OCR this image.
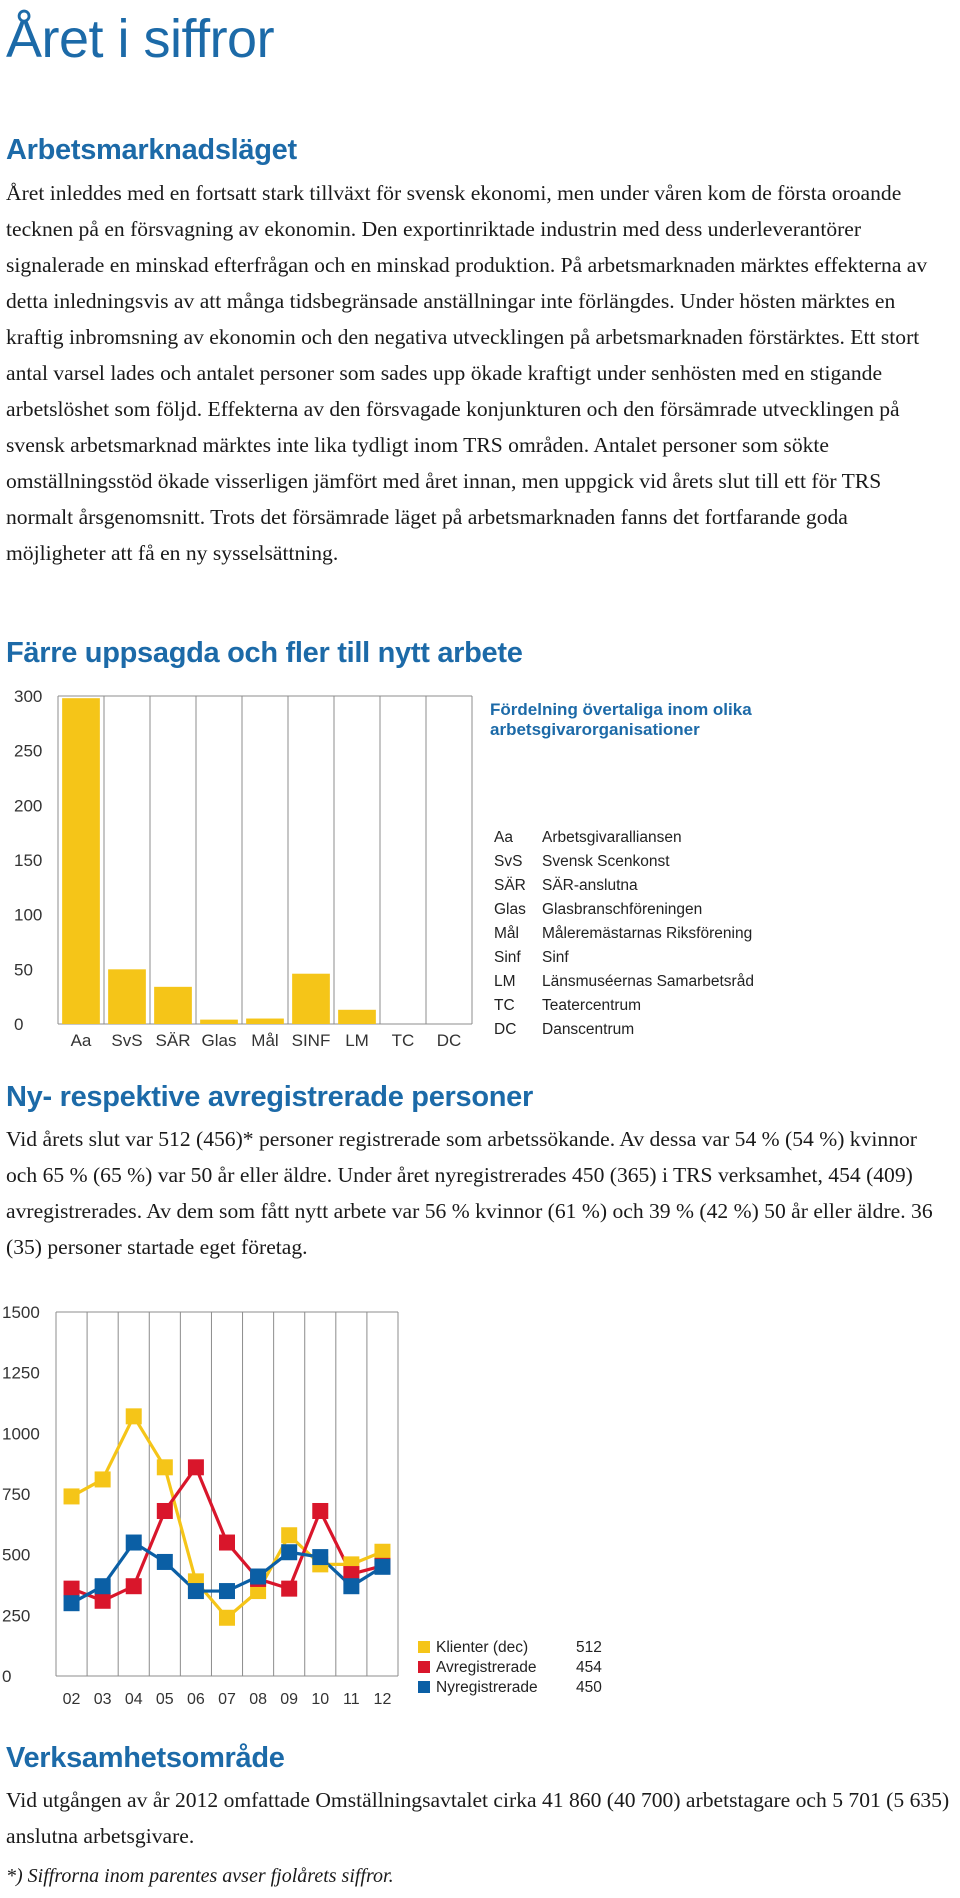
Året i siffror
Arbetsmarknadsläget

Året inleddes med en fortsatt stark tillväxt för svensk ekonomi, men under våren kom de första oroande tecknen på en försvagning av ekonomin. Den exportinriktade industrin med dess underleverantörer signalerade en minskad efterfrågan och en minskad produktion. På arbetsmarknaden märktes effekterna av detta inledningsvis av att många tidsbegränsade anställningar inte förlängdes. Under hösten märktes en kraftig inbromsning av ekonomin och den negativa utvecklingen på arbetsmarknaden förstärktes. Ett stort antal varsel lades och antalet personer som sades upp ökade kraftigt under senhösten med en stigande arbetslöshet som följd. Effekterna av den försvagade konjunkturen och den försämrade utvecklingen på svensk arbetsmarknad märktes inte lika tydligt inom TRS områden. Antalet personer som sökte omställningsstöd ökade visserligen jämfört med året innan, men uppgick vid årets slut till ett för TRS normalt årsgenomsnitt. Trots det försämrade läget på arbetsmarknaden fanns det fortfarande goda möjligheter att få en ny sysselsättning.

Färre uppsagda och fler till nytt arbete
0
50
100
150
200
250
300
Aa SvS SÄR Glas Mål SINF LM TC DC

Fördelning övertaliga inom olika arbetsgivarorganisationer

Aa Arbetsgivaralliansen
SvS Svensk Scenkonst
SÄR SÄR-anslutna
Glas Glasbranschföreningen
Mål Måleremästarnas Riksförening
Sinf Sinf
LM Länsmuséernas Samarbetsråd
TC Teatercentrum
DC Danscentrum
Ny- respektive avregistrerade personer

Vid årets slut var 512 (456)* personer registrerade som arbetssökande. Av dessa var 54 % (54 %) kvinnor och 65 % (65 %) var 50 år eller äldre. Under året nyregistrerades 450 (365) i TRS verksamhet, 454 (409) avregistrerades. Av dem som fått nytt arbete var 56 % kvinnor (61 %) och 39 % (42 %) 50 år eller äldre. 36 (35) personer startade eget företag.

0
250
500
750
1000
1250
1500
02 03 04 05 06 07 08 09 10 11 12
Klienter (dec)	512
Avregistrerade	454
Nyregistrerade 450
Verksamhetsområde

Vid utgången av år 2012 omfattade Omställningsavtalet cirka 41 860 (40 700) arbetstagare och 5 701 (5 635) anslutna arbetsgivare.

*) Siffrorna inom parentes avser fjolårets siffror.
